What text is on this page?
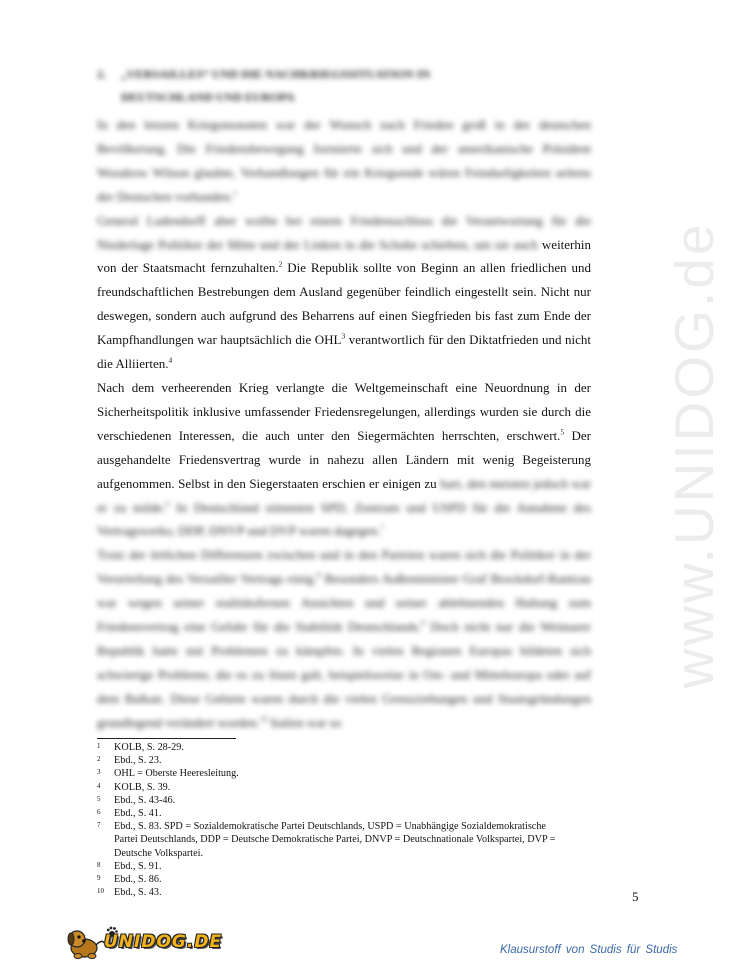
2. „VERSAILLES“ UND DIE NACHKRIEGSSITUATION IN
DEUTSCHLAND UND EUROPA

In den letzten Kriegsmonaten war der Wunsch nach Frieden groß in der deutschen Bevölkerung. Die Friedensbewegung formierte sich und der amerikanische Präsident Woodrow Wilson glaubte, Verhandlungen für ein Kriegsende wären Feindseligkeiten seitens der Deutschen vorhanden.$^1$

General Ludendorff aber wollte bei einem Friedensschluss die Verantwortung für die Niederlage Politiker der Mitte und der Linken in die Schuhe schieben, um sie auch weiterhin von der Staatsmacht fernzuhalten.$^2$ Die Republik sollte von Beginn an allen friedlichen und freundschaftlichen Bestrebungen dem Ausland gegenüber feindlich eingestellt sein. Nicht nur deswegen, sondern auch aufgrund des Beharrens auf einen Siegfrieden bis fast zum Ende der Kampfhandlungen war hauptsächlich die OHL$^3$ verantwortlich für den Diktatfrieden und nicht die Alliierten.$^4$

Nach dem verheerenden Krieg verlangte die Weltgemeinschaft eine Neuordnung in der Sicherheitspolitik inklusive umfassender Friedensregelungen, allerdings wurden sie durch die verschiedenen Interessen, die auch unter den Siegermächten herrschten, erschwert.$^5$ Der ausgehandelte Friedensvertrag wurde in nahezu allen Ländern mit wenig Begeisterung aufgenommen. Selbst in den Siegerstaaten erschien er einigen zu hart, den meisten jedoch war er zu milde.$^6$ In Deutschland stimmten SPD, Zentrum und USPD für die Annahme des Vertragswerks; DDP, DNVP und DVP waren dagegen.$^7$

Trotz der örtlichen Differenzen zwischen und in den Parteien waren sich die Politiker in der Verurteilung des Versailler Vertrags einig.$^8$ Besonders Außenminister Graf Brockdorf-Rantzau war wegen seiner realitätsfernen Ansichten und seiner ablehnenden Haltung zum Friedensvertrag eine Gefahr für die Stabilität Deutschlands.$^9$ Doch nicht nur die Weimarer Republik hatte mit Problemen zu kämpfen. In vielen Regionen Europas bildeten sich schwierige Probleme, die es zu lösen galt, beispielsweise in Ost- und Mitteleuropa oder auf dem Balkan. Diese Gebiete waren durch die vielen Grenzziehungen und Staatsgründungen grundlegend verändert worden.$^{10}$ Italien war so

www.UNIDOG.de
1	KOLB, S. 28-29.
2	Ebd., S. 23.
3	OHL = Oberste Heeresleitung.
4	KOLB, S. 39.
5	Ebd., S. 43-46.
6	Ebd., S. 41.
7	Ebd., S. 83. SPD = Sozialdemokratische Partei Deutschlands, USPD = Unabhängige Sozialdemokratische Partei Deutschlands, DDP = Deutsche Demokratische Partei, DNVP = Deutschnationale Volkspartei, DVP = Deutsche Volkspartei.
8	Ebd., S. 91.
9	Ebd., S. 86.
10 Ebd., S. 43.	5
UNIDOG.DE	Klausurstoff von Studis für Studis
